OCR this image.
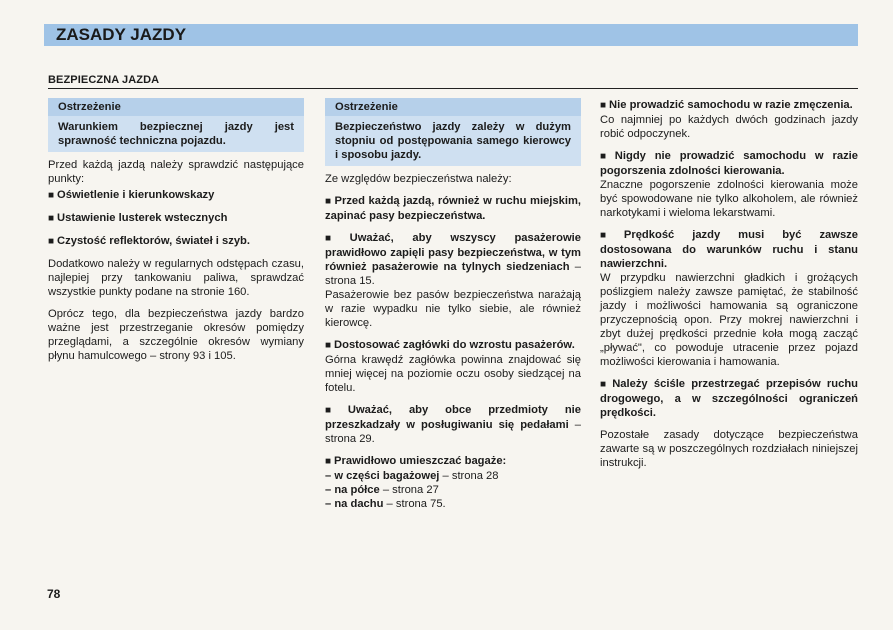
ZASADY JAZDY
BEZPIECZNA JAZDA
Ostrzeżenie
Warunkiem bezpiecznej jazdy jest sprawność techniczna pojazdu.

Przed każdą jazdą należy sprawdzić następujące punkty:

■ Oświetlenie i kierunkowskazy

■ Ustawienie lusterek wstecznych

■ Czystość reflektorów, świateł i szyb.

Dodatkowo należy w regularnych odstępach czasu, najlepiej przy tankowaniu paliwa, sprawdzać wszystkie punkty podane na stronie 160.

Oprócz tego, dla bezpieczeństwa jazdy bardzo ważne jest przestrzeganie okresów pomiędzy przeglądami, a szczególnie okresów wymiany płynu hamulcowego – strony 93 i 105.

Ostrzeżenie
Bezpieczeństwo jazdy zależy w dużym stopniu od postępowania samego kierowcy i sposobu jazdy.

Ze względów bezpieczeństwa należy:

■ Przed każdą jazdą, również w ruchu miejskim, zapinać pasy bezpieczeństwa.

■ Uważać, aby wszyscy pasażerowie prawidłowo zapięli pasy bezpieczeństwa, w tym również pasażerowie na tylnych siedzeniach – strona 15.

Pasażerowie bez pasów bezpieczeństwa narażają w razie wypadku nie tylko siebie, ale również kierowcę.

■ Dostosować zagłówki do wzrostu pasażerów.

Górna krawędź zagłówka powinna znajdować się mniej więcej na poziomie oczu osoby siedzącej na fotelu.

■ Uważać, aby obce przedmioty nie przeszkadzały w posługiwaniu się pedałami – strona 29.

■ Prawidłowo umieszczać bagaże:

– w części bagażowej – strona 28

– na półce – strona 27

– na dachu – strona 75.

■ Nie prowadzić samochodu w razie zmęczenia.

Co najmniej po każdych dwóch godzinach jazdy robić odpoczynek.

■ Nigdy nie prowadzić samochodu w razie pogorszenia zdolności kierowania.

Znaczne pogorszenie zdolności kierowania może być spowodowane nie tylko alkoholem, ale również narkotykami i wieloma lekarstwami.

■ Prędkość jazdy musi być zawsze dostosowana do warunków ruchu i stanu nawierzchni.

W przypdku nawierzchni gładkich i grożących poślizgiem należy zawsze pamiętać, że stabilność jazdy i możliwości hamowania są ograniczone przyczepnością opon. Przy mokrej nawierzchni i zbyt dużej prędkości przednie koła mogą zacząć „pływać", co powoduje utracenie przez pojazd możliwości kierowania i hamowania.

■ Należy ściśle przestrzegać przepisów ruchu drogowego, a w szczególności ograniczeń prędkości.

Pozostałe zasady dotyczące bezpieczeństwa zawarte są w poszczególnych rozdziałach niniejszej instrukcji.

78
